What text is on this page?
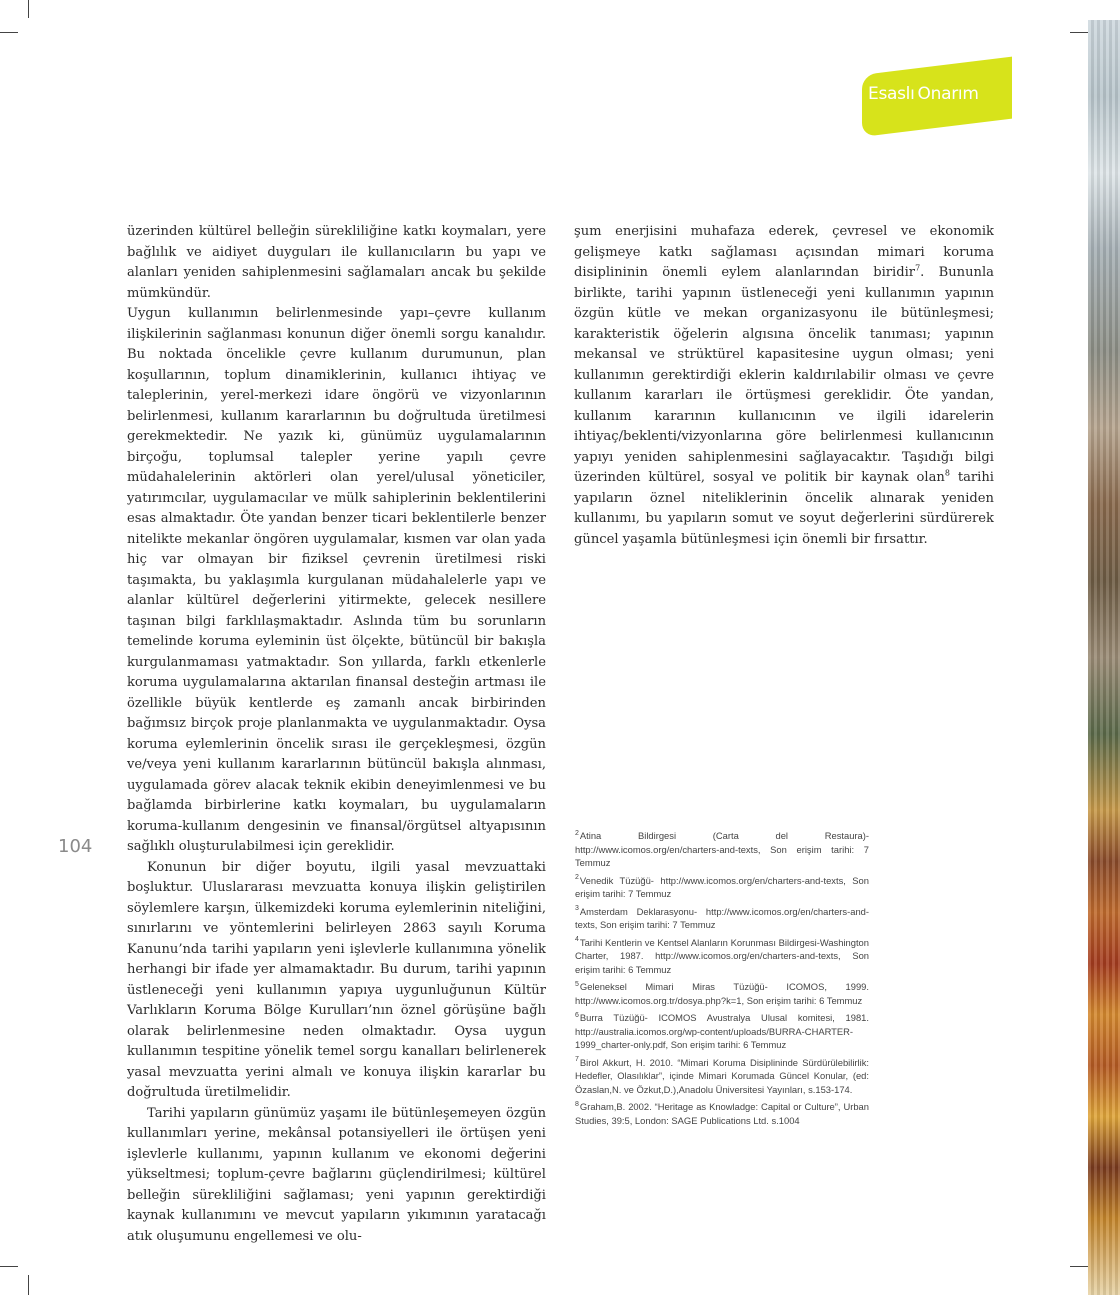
Esaslı Onarım
104

üzerinden kültürel belleğin sürekliliğine katkı koymaları, yere bağlılık ve aidiyet duyguları ile kullanıcıların bu yapı ve alanları yeniden sahiplenmesini sağlamaları ancak bu şekilde mümkündür.

Uygun kullanımın belirlenmesinde yapı–çevre kullanım ilişkilerinin sağlanması konunun diğer önemli sorgu kanalıdır. Bu noktada öncelikle çevre kullanım durumunun, plan koşullarının, toplum dinamiklerinin, kullanıcı ihtiyaç ve taleplerinin, yerel-merkezi idare öngörü ve vizyonlarının belirlenmesi, kullanım kararlarının bu doğrultuda üretilmesi gerekmektedir. Ne yazık ki, günümüz uygulamalarının birçoğu, toplumsal talepler yerine yapılı çevre müdahalelerinin aktörleri olan yerel/ulusal yöneticiler, yatırımcılar, uygulamacılar ve mülk sahiplerinin beklentilerini esas almaktadır. Öte yandan benzer ticari beklentilerle benzer nitelikte mekanlar öngören uygulamalar, kısmen var olan yada hiç var olmayan bir fiziksel çevrenin üretilmesi riski taşımakta, bu yaklaşımla kurgulanan müdahalelerle yapı ve alanlar kültürel değerlerini yitirmekte, gelecek nesillere taşınan bilgi farklılaşmaktadır. Aslında tüm bu sorunların temelinde koruma eyleminin üst ölçekte, bütüncül bir bakışla kurgulanmaması yatmaktadır. Son yıllarda, farklı etkenlerle koruma uygulamalarına aktarılan finansal desteğin artması ile özellikle büyük kentlerde eş zamanlı ancak birbirinden bağımsız birçok proje planlanmakta ve uygulanmaktadır. Oysa koruma eylemlerinin öncelik sırası ile gerçekleşmesi, özgün ve/veya yeni kullanım kararlarının bütüncül bakışla alınması, uygulamada görev alacak teknik ekibin deneyimlenmesi ve bu bağlamda birbirlerine katkı koymaları, bu uygulamaların koruma-kullanım dengesinin ve finansal/örgütsel altyapısının sağlıklı oluşturulabilmesi için gereklidir.

Konunun bir diğer boyutu, ilgili yasal mevzuattaki boşluktur. Uluslararası mevzuatta konuya ilişkin geliştirilen söylemlere karşın, ülkemizdeki koruma eylemlerinin niteliğini, sınırlarını ve yöntemlerini belirleyen 2863 sayılı Koruma Kanunu’nda tarihi yapıların yeni işlevlerle kullanımına yönelik herhangi bir ifade yer almamaktadır. Bu durum, tarihi yapının üstleneceği yeni kullanımın yapıya uygunluğunun Kültür Varlıkların Koruma Bölge Kurulları’nın öznel görüşüne bağlı olarak belirlenmesine neden olmaktadır. Oysa uygun kullanımın tespitine yönelik temel sorgu kanalları belirlenerek yasal mevzuatta yerini almalı ve konuya ilişkin kararlar bu doğrultuda üretilmelidir.

Tarihi yapıların günümüz yaşamı ile bütünleşemeyen özgün kullanımları yerine, mekânsal potansiyelleri ile örtüşen yeni işlevlerle kullanımı, yapının kullanım ve ekonomi değerini yükseltmesi; toplum-çevre bağlarını güçlendirilmesi; kültürel belleğin sürekliliğini sağlaması; yeni yapının gerektirdiği kaynak kullanımını ve mevcut yapıların yıkımının yaratacağı atık oluşumunu engellemesi ve olu-

şum enerjisini muhafaza ederek, çevresel ve ekonomik gelişmeye katkı sağlaması açısından mimari koruma disiplininin önemli eylem alanlarından biridir$^7$. Bununla birlikte, tarihi yapının üstleneceği yeni kullanımın yapının özgün kütle ve mekan organizasyonu ile bütünleşmesi; karakteristik öğelerin algısına öncelik tanıması; yapının mekansal ve strüktürel kapasitesine uygun olması; yeni kullanımın gerektirdiği eklerin kaldırılabilir olması ve çevre kullanım kararları ile örtüşmesi gereklidir. Öte yandan, kullanım kararının kullanıcının ve ilgili idarelerin ihtiyaç/beklenti/vizyonlarına göre belirlenmesi kullanıcının yapıyı yeniden sahiplenmesini sağlayacaktır. Taşıdığı bilgi üzerinden kültürel, sosyal ve politik bir kaynak olan$^8$ tarihi yapıların öznel niteliklerinin öncelik alınarak yeniden kullanımı, bu yapıların somut ve soyut değerlerini sürdürerek güncel yaşamla bütünleşmesi için önemli bir fırsattır.

$^2$Atina Bildirgesi (Carta del Restaura)- http://www.icomos.org/en/charters-and-texts, Son erişim tarihi: 7 Temmuz

$^2$Venedik Tüzüğü- http://www.icomos.org/en/charters-and-texts, Son erişim tarihi: 7 Temmuz

$^3$Amsterdam Deklarasyonu- http://www.icomos.org/en/charters-and-texts, Son erişim tarihi: 7 Temmuz

$^4$Tarihi Kentlerin ve Kentsel Alanların Korunması Bildirgesi-Washington Charter, 1987. http://www.icomos.org/en/charters-and-texts, Son erişim tarihi: 6 Temmuz

$^5$Geleneksel Mimari Miras Tüzüğü- ICOMOS, 1999. http://www.icomos.org.tr/dosya.php?k=1, Son erişim tarihi: 6 Temmuz

$^6$Burra Tüzüğü- ICOMOS Avustralya Ulusal komitesi, 1981. http://australia.icomos.org/wp-content/uploads/BURRA-CHARTER-1999_charter-only.pdf, Son erişim tarihi: 6 Temmuz

$^7$Birol Akkurt, H. 2010. “Mimari Koruma Disiplininde Sürdürülebilirlik: Hedefler, Olasılıklar”, içinde Mimari Korumada Güncel Konular, (ed: Özaslan,N. ve Özkut,D.),Anadolu Üniversitesi Yayınları, s.153-174.

$^8$Graham,B. 2002. “Heritage as Knowladge: Capital or Culture”, Urban Studies, 39:5, London: SAGE Publications Ltd. s.1004
